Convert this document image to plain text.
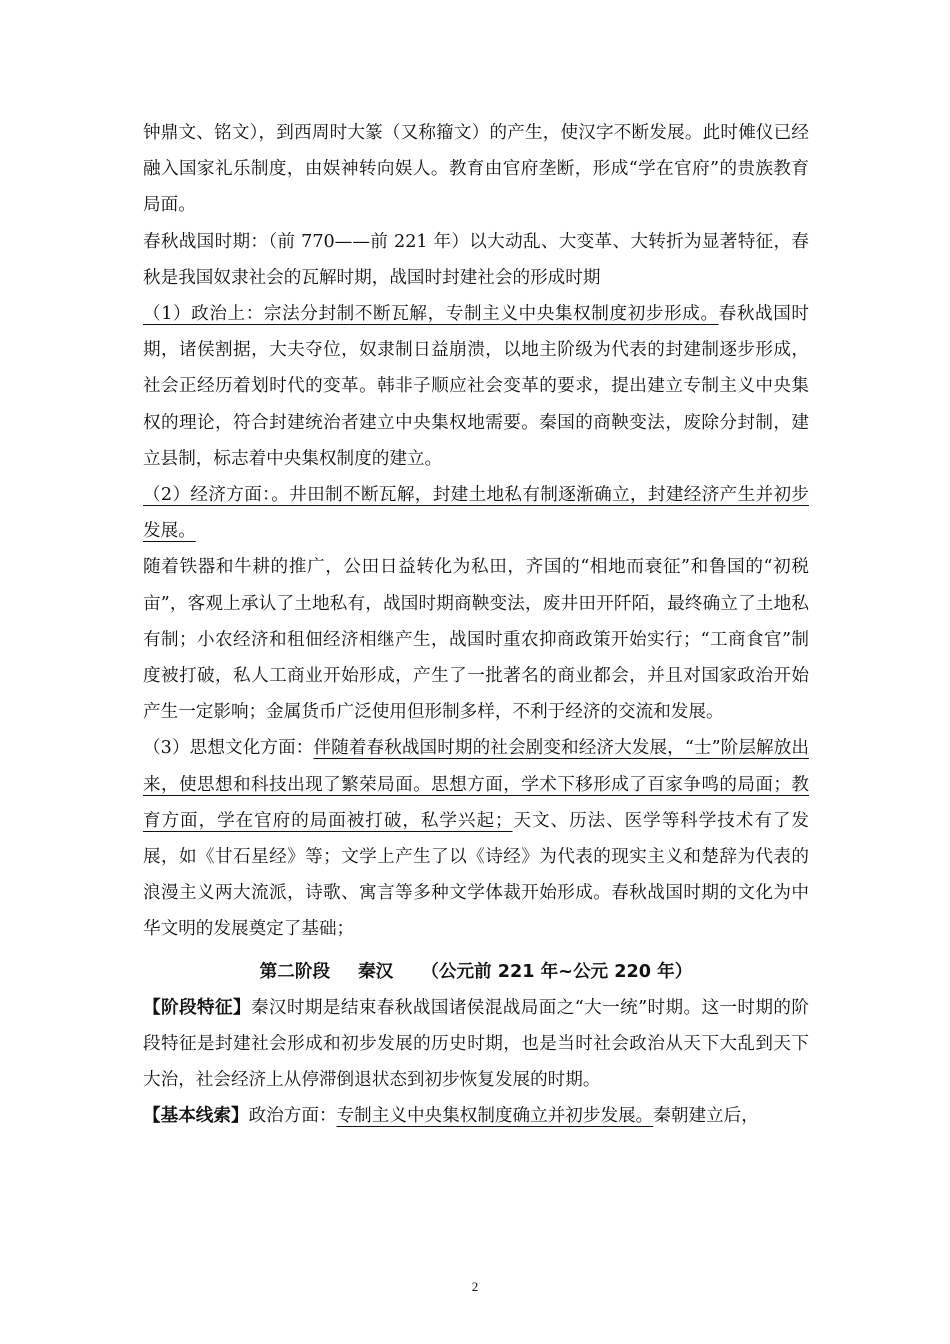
钟鼎文、铭文），到西周时大篆（又称籀文）的产生，使汉字不断发展。此时傩仪已经融入国家礼乐制度，由娱神转向娱人。教育由官府垄断，形成“学在官府”的贵族教育局面。

春秋战国时期：（前 770——前 221 年）以大动乱、大变革、大转折为显著特征，春秋是我国奴隶社会的瓦解时期，战国时封建社会的形成时期

（1）政治上：宗法分封制不断瓦解，专制主义中央集权制度初步形成。春秋战国时期，诸侯割据，大夫夺位，奴隶制日益崩溃，以地主阶级为代表的封建制逐步形成，社会正经历着划时代的变革。韩非子顺应社会变革的要求，提出建立专制主义中央集权的理论，符合封建统治者建立中央集权地需要。秦国的商鞅变法，废除分封制，建立县制，标志着中央集权制度的建立。

（2）经济方面：。井田制不断瓦解，封建土地私有制逐渐确立，封建经济产生并初步发展。

随着铁器和牛耕的推广，公田日益转化为私田，齐国的“相地而衰征”和鲁国的“初税亩”，客观上承认了土地私有，战国时期商鞅变法，废井田开阡陌，最终确立了土地私有制；小农经济和租佃经济相继产生，战国时重农抑商政策开始实行；“工商食官”制度被打破，私人工商业开始形成，产生了一批著名的商业都会，并且对国家政治开始产生一定影响；金属货币广泛使用但形制多样，不利于经济的交流和发展。

（3）思想文化方面：伴随着春秋战国时期的社会剧变和经济大发展，“士”阶层解放出来，使思想和科技出现了繁荣局面。思想方面，学术下移形成了百家争鸣的局面；教育方面，学在官府的局面被打破，私学兴起；天文、历法、医学等科学技术有了发展，如《甘石星经》等；文学上产生了以《诗经》为代表的现实主义和楚辞为代表的浪漫主义两大流派，诗歌、寓言等多种文学体裁开始形成。春秋战国时期的文化为中华文明的发展奠定了基础；

第二阶段 秦汉 （公元前 221 年~公元 220 年）

【阶段特征】秦汉时期是结束春秋战国诸侯混战局面之“大一统”时期。这一时期的阶段特征是封建社会形成和初步发展的历史时期，也是当时社会政治从天下大乱到天下大治，社会经济上从停滞倒退状态到初步恢复发展的时期。

【基本线索】政治方面：专制主义中央集权制度确立并初步发展。秦朝建立后，

2
